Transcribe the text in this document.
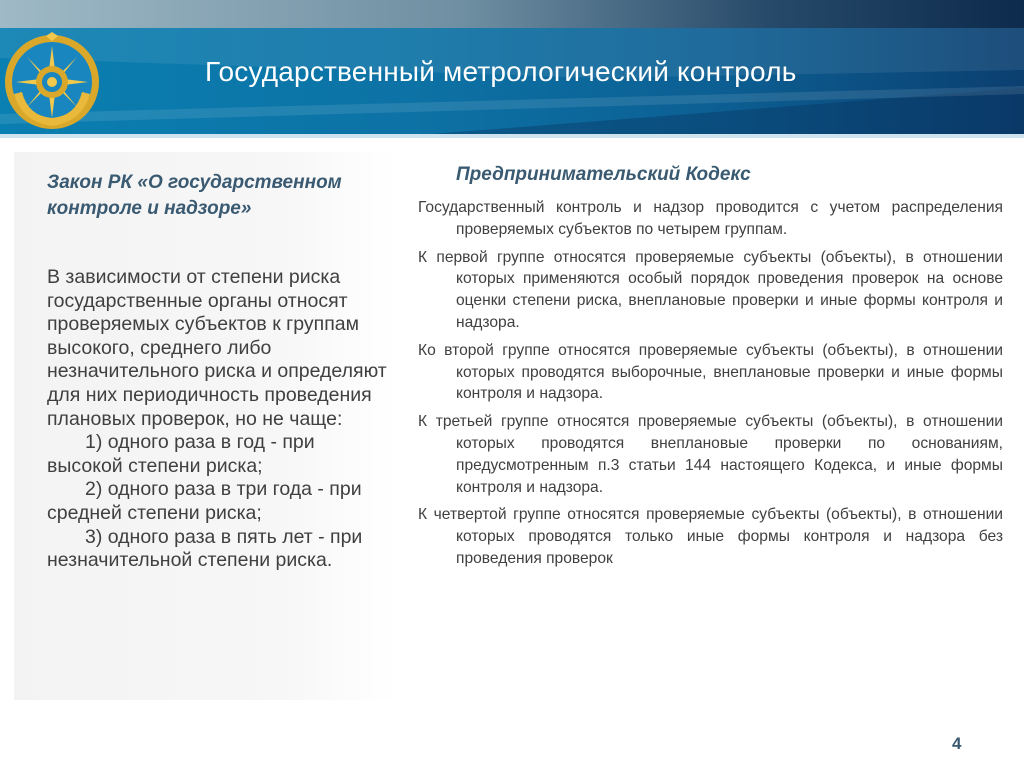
Государственный метрологический контроль
Закон РК «О государственном контроле и надзоре»

В зависимости от степени риска государственные органы относят проверяемых субъектов к группам высокого, среднего либо незначительного риска и определяют для них периодичность проведения плановых проверок, но не чаще:

1) одного раза в год - при высокой степени риска;

2) одного раза в три года - при средней степени риска;

3) одного раза в пять лет - при незначительной степени риска.

Предпринимательский Кодекс

Государственный контроль и надзор проводится с учетом распределения проверяемых субъектов по четырем группам.

К первой группе относятся проверяемые субъекты (объекты), в отношении которых применяются особый порядок проведения проверок на основе оценки степени риска, внеплановые проверки и иные формы контроля и надзора.

Ко второй группе относятся проверяемые субъекты (объекты), в отношении которых проводятся выборочные, внеплановые проверки и иные формы контроля и надзора.

К третьей группе относятся проверяемые субъекты (объекты), в отношении которых проводятся внеплановые проверки по основаниям, предусмотренным п.3 статьи 144 настоящего Кодекса, и иные формы контроля и надзора.

К четвертой группе относятся проверяемые субъекты (объекты), в отношении которых проводятся только иные формы контроля и надзора без проведения проверок

4
